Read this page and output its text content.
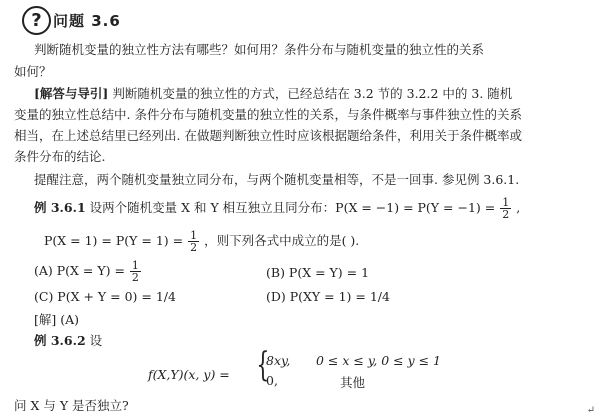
? 问题 3.6
判断随机变量的独立性方法有哪些？如何用？条件分布与随机变量的独立性的关系
如何？
[解答与导引] 判断随机变量的独立性的方式，已经总结在 3.2 节的 3.2.2 中的 3. 随机
变量的独立性总结中. 条件分布与随机变量的独立性的关系，与条件概率与事件独立性的关系
相当，在上述总结里已经列出. 在做题判断独立性时应该根据题给条件，利用关于条件概率或
条件分布的结论.
提醒注意，两个随机变量独立同分布，与两个随机变量相等，不是一回事. 参见例 3.6.1.
例 3.6.1 设两个随机变量 X 和 Y 相互独立且同分布：$P(X = -1) = P(Y = -1) = \frac{1}{2}$ ,
$P(X = 1) = P(Y = 1) = \frac{1}{2}$ ，则下列各式中成立的是( ).
(A) $P(X = Y) = \frac{1}{2}$	(B) P(X = Y) = 1
(C) P(X + Y = 0) = 1/4	(D) P(XY = 1) = 1/4
[解] (A)
例 3.6.2 设
f(X,Y)(x, y) = {
8xy, 0 ≤ x ≤ y, 0 ≤ y ≤ 1
0,	其他
问 X 与 Y 是否独立?	↵
